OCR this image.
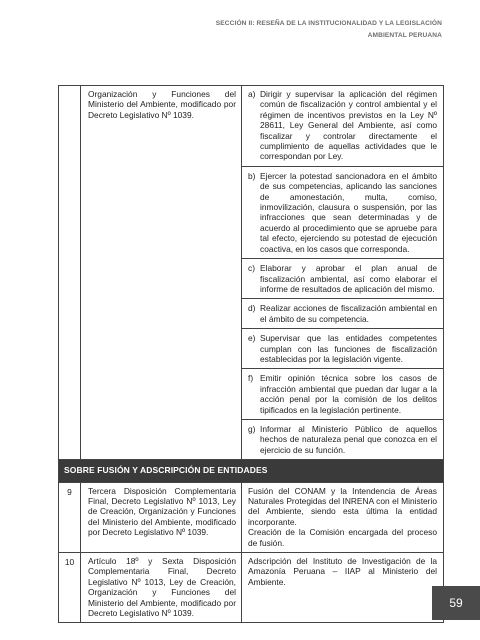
SECCIÓN II: RESEÑA DE LA INSTITUCIONALIDAD Y LA LEGISLACIÓN
AMBIENTAL PERUANA
Organización y Funciones del Ministerio del Ambiente, modificado por Decreto Legislativo Nº 1039.
a) Dirigir y supervisar la aplicación del régimen común de fiscalización y control ambiental y el régimen de incentivos previstos en la Ley Nº 28611, Ley General del Ambiente, así como fiscalizar y controlar directamente el cumplimiento de aquellas actividades que le correspondan por Ley.
b) Ejercer la potestad sancionadora en el ámbito de sus competencias, aplicando las sanciones de amonestación, multa, comiso, inmovilización, clausura o suspensión, por las infracciones que sean determinadas y de acuerdo al procedimiento que se apruebe para tal efecto, ejerciendo su potestad de ejecución coactiva, en los casos que corresponda.
c) Elaborar y aprobar el plan anual de fiscalización ambiental, así como elaborar el informe de resultados de aplicación del mismo.
d) Realizar acciones de fiscalización ambiental en el ámbito de su competencia.
e) Supervisar que las entidades competentes cumplan con las funciones de fiscalización establecidas por la legislación vigente.
f) Emitir opinión técnica sobre los casos de infracción ambiental que puedan dar lugar a la acción penal por la comisión de los delitos tipificados en la legislación pertinente.
g) Informar al Ministerio Público de aquellos hechos de naturaleza penal que conozca en el ejercicio de su función.
SOBRE FUSIÓN Y ADSCRIPCIÓN DE ENTIDADES
9	Tercera Disposición Complementaria Final, Decreto Legislativo Nº 1013, Ley de Creación, Organización y Funciones del Ministerio del Ambiente, modificado por Decreto Legislativo Nº 1039.
Fusión del CONAM y la Intendencia de Áreas Naturales Protegidas del INRENA con el Ministerio del Ambiente, siendo esta última la entidad incorporante.
Creación de la Comisión encargada del proceso de fusión.
10	Artículo 18º y Sexta Disposición Complementaria Final, Decreto Legislativo Nº 1013, Ley de Creación, Organización y Funciones del Ministerio del Ambiente, modificado por Decreto Legislativo Nº 1039.
Adscripción del Instituto de Investigación de la Amazonía Peruana – IIAP al Ministerio del Ambiente.
59
